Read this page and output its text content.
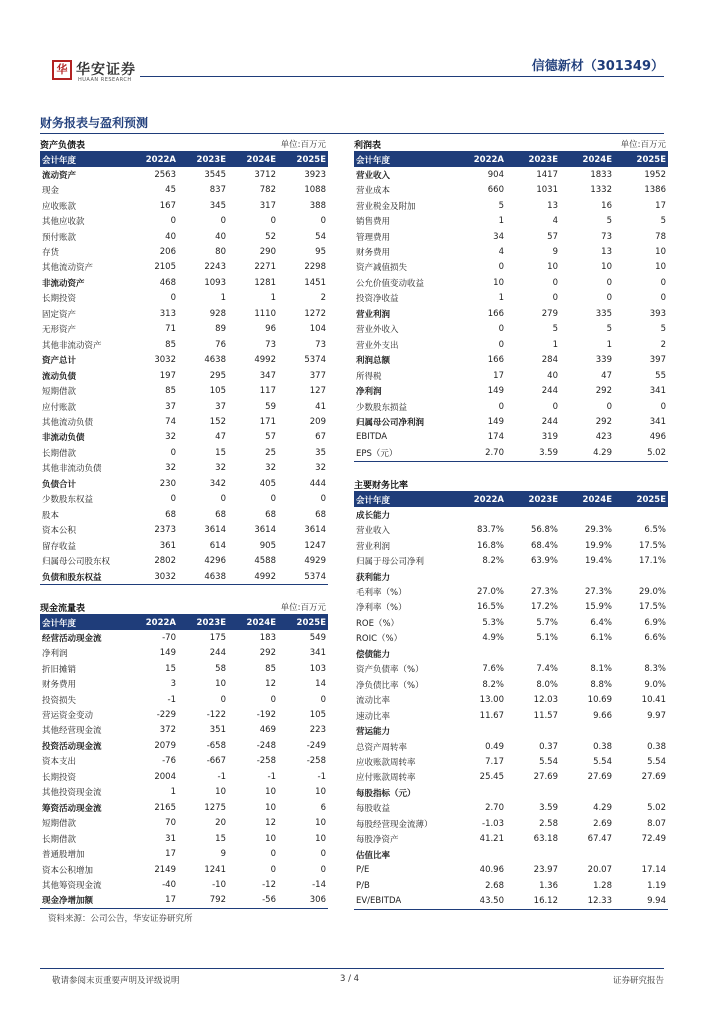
华 华安证券
HUAAN RESEARCH
信德新材（301349）
财务报表与盈利预测
资产负债表	单位:百万元
会计年度	2022A	2023E	2024E	2025E
流动资产	2563	3545	3712	3923
现金	45	837	782	1088
应收账款	167	345	317	388
其他应收款	0	0	0	0
预付账款	40	40	52	54
存货	206	80	290	95
其他流动资产	2105	2243	2271	2298
非流动资产	468	1093	1281	1451
长期投资	0	1	1	2
固定资产	313	928	1110	1272
无形资产	71	89	96	104
其他非流动资产	85	76	73	73
资产总计	3032	4638	4992	5374
流动负债	197	295	347	377
短期借款	85	105	117	127
应付账款	37	37	59	41
其他流动负债	74	152	171	209
非流动负债	32	47	57	67
长期借款	0	15	25	35
其他非流动负债	32	32	32	32
负债合计	230	342	405	444
少数股东权益	0	0	0	0
股本	68	68	68	68
资本公积	2373	3614	3614	3614
留存收益	361	614	905	1247
归属母公司股东权	2802	4296	4588	4929
负债和股东权益	3032	4638	4992	5374
利润表	单位:百万元
会计年度	2022A	2023E	2024E	2025E
营业收入	904	1417	1833	1952
营业成本	660	1031	1332	1386
营业税金及附加	5	13	16	17
销售费用	1	4	5	5
管理费用	34	57	73	78
财务费用	4	9	13	10
资产减值损失	0	10	10	10
公允价值变动收益	10	0	0	0
投资净收益	1	0	0	0
营业利润	166	279	335	393
营业外收入	0	5	5	5
营业外支出	0	1	1	2
利润总额	166	284	339	397
所得税	17	40	47	55
净利润	149	244	292	341
少数股东损益	0	0	0	0
归属母公司净利润	149	244	292	341
EBITDA	174	319	423	496
EPS（元）	2.70	3.59	4.29	5.02
现金流量表	单位:百万元
会计年度	2022A	2023E	2024E	2025E
经营活动现金流	-70	175	183	549
净利润	149	244	292	341
折旧摊销	15	58	85	103
财务费用	3	10	12	14
投资损失	-1	0	0	0
营运资金变动	-229	-122	-192	105
其他经营现金流	372	351	469	223
投资活动现金流	2079	-658	-248	-249
资本支出	-76	-667	-258	-258
长期投资	2004	-1	-1	-1
其他投资现金流	1	10	10	10
筹资活动现金流	2165	1275	10	6
短期借款	70	20	12	10
长期借款	31	15	10	10
普通股增加	17	9	0	0
资本公积增加	2149	1241	0	0
其他筹资现金流	-40	-10	-12	-14
现金净增加额	17	792	-56	306
主要财务比率
会计年度	2022A	2023E	2024E	2025E
成长能力
营业收入	83.7%	56.8%	29.3%	6.5%
营业利润	16.8%	68.4%	19.9%	17.5%
归属于母公司净利	8.2%	63.9%	19.4%	17.1%
获利能力
毛利率（%）	27.0%	27.3%	27.3%	29.0%
净利率（%）	16.5%	17.2%	15.9%	17.5%
ROE（%）	5.3%	5.7%	6.4%	6.9%
ROIC（%）	4.9%	5.1%	6.1%	6.6%
偿债能力
资产负债率（%）	7.6%	7.4%	8.1%	8.3%
净负债比率（%）	8.2%	8.0%	8.8%	9.0%
流动比率	13.00	12.03	10.69	10.41
速动比率	11.67	11.57	9.66	9.97
营运能力
总资产周转率	0.49	0.37	0.38	0.38
应收账款周转率	7.17	5.54	5.54	5.54
应付账款周转率	25.45	27.69	27.69	27.69
每股指标（元）
每股收益	2.70	3.59	4.29	5.02
每股经营现金流薄）	-1.03	2.58	2.69	8.07
每股净资产	41.21	63.18	67.47	72.49
估值比率
P/E	40.96	23.97	20.07	17.14
P/B	2.68	1.36	1.28	1.19
EV/EBITDA	43.50	16.12	12.33	9.94
资料来源：公司公告，华安证券研究所
敬请参阅末页重要声明及评级说明	3 / 4	证券研究报告
